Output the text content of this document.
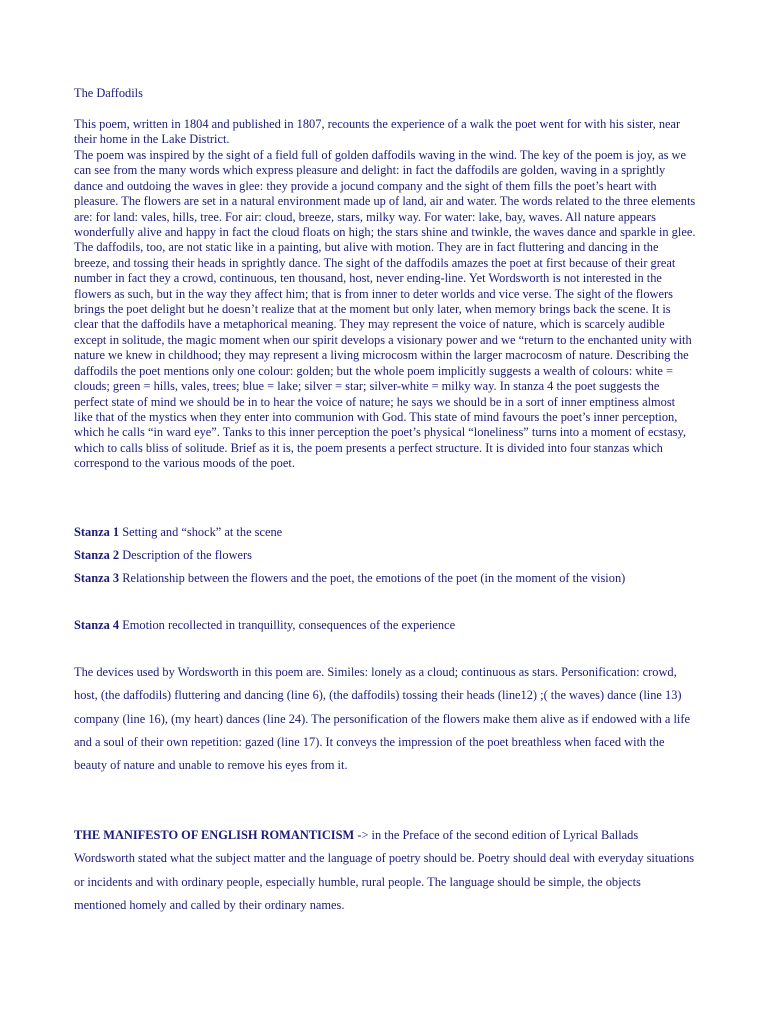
The Daffodils

This poem, written in 1804 and published in 1807, recounts the experience of a walk the poet went for with his sister, near their home in the Lake District.

The poem was inspired by the sight of a field full of golden daffodils waving in the wind. The key of the poem is joy, as we can see from the many words which express pleasure and delight: in fact the daffodils are golden, waving in a sprightly dance and outdoing the waves in glee: they provide a jocund company and the sight of them fills the poet’s heart with pleasure. The flowers are set in a natural environment made up of land, air and water. The words related to the three elements are: for land: vales, hills, tree. For air: cloud, breeze, stars, milky way. For water: lake, bay, waves. All nature appears wonderfully alive and happy in fact the cloud floats on high; the stars shine and twinkle, the waves dance and sparkle in glee. The daffodils, too, are not static like in a painting, but alive with motion. They are in fact fluttering and dancing in the breeze, and tossing their heads in sprightly dance. The sight of the daffodils amazes the poet at first because of their great number in fact they a crowd, continuous, ten thousand, host, never ending-line. Yet Wordsworth is not interested in the flowers as such, but in the way they affect him; that is from inner to deter worlds and vice verse. The sight of the flowers brings the poet delight but he doesn’t realize that at the moment but only later, when memory brings back the scene. It is clear that the daffodils have a metaphorical meaning. They may represent the voice of nature, which is scarcely audible except in solitude, the magic moment when our spirit develops a visionary power and we “return to the enchanted unity with nature we knew in childhood; they may represent a living microcosm within the larger macrocosm of nature. Describing the daffodils the poet mentions only one colour: golden; but the whole poem implicitly suggests a wealth of colours: white = clouds; green = hills, vales, trees; blue = lake; silver = star; silver-white = milky way. In stanza 4 the poet suggests the perfect state of mind we should be in to hear the voice of nature; he says we should be in a sort of inner emptiness almost like that of the mystics when they enter into communion with God. This state of mind favours the poet’s inner perception, which he calls “in ward eye”. Tanks to this inner perception the poet’s physical “loneliness” turns into a moment of ecstasy, which to calls bliss of solitude. Brief as it is, the poem presents a perfect structure. It is divided into four stanzas which correspond to the various moods of the poet.

Stanza 1 Setting and “shock” at the scene

Stanza 2 Description of the flowers

Stanza 3 Relationship between the flowers and the poet, the emotions of the poet (in the moment of the vision)

Stanza 4 Emotion recollected in tranquillity, consequences of the experience

The devices used by Wordsworth in this poem are. Similes: lonely as a cloud; continuous as stars. Personification: crowd, host, (the daffodils) fluttering and dancing (line 6), (the daffodils) tossing their heads (line12) ;( the waves) dance (line 13) company (line 16), (my heart) dances (line 24). The personification of the flowers make them alive as if endowed with a life and a soul of their own repetition: gazed (line 17). It conveys the impression of the poet breathless when faced with the beauty of nature and unable to remove his eyes from it.

THE MANIFESTO OF ENGLISH ROMANTICISM -> in the Preface of the second edition of Lyrical Ballads Wordsworth stated what the subject matter and the language of poetry should be. Poetry should deal with everyday situations or incidents and with ordinary people, especially humble, rural people. The language should be simple, the objects mentioned homely and called by their ordinary names.
